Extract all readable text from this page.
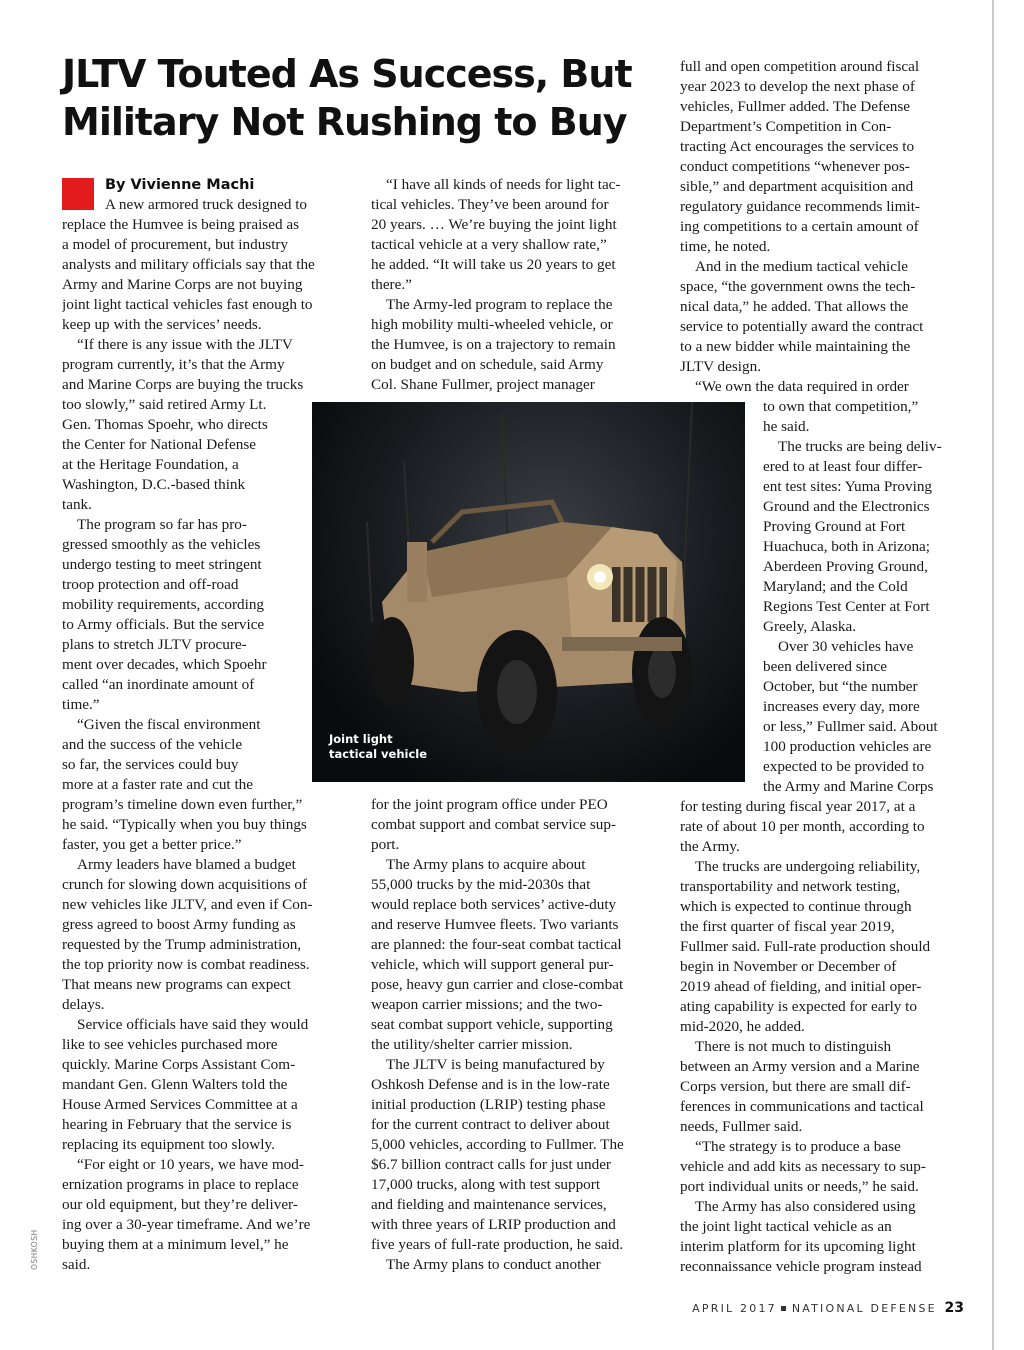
JLTV Touted As Success, But
Military Not Rushing to Buy
By Vivienne Machi
A new armored truck designed to
replace the Humvee is being praised as
a model of procurement, but industry
analysts and military officials say that the
Army and Marine Corps are not buying
joint light tactical vehicles fast enough to
keep up with the services’ needs.
“If there is any issue with the JLTV
program currently, it’s that the Army
and Marine Corps are buying the trucks
too slowly,” said retired Army Lt.
Gen. Thomas Spoehr, who directs
the Center for National Defense
at the Heritage Foundation, a
Washington, D.C.-based think
tank.
The program so far has pro-
gressed smoothly as the vehicles
undergo testing to meet stringent
troop protection and off-road
mobility requirements, according
to Army officials. But the service
plans to stretch JLTV procure-
ment over decades, which Spoehr
called “an inordinate amount of
time.”
“Given the fiscal environment
and the success of the vehicle
so far, the services could buy
more at a faster rate and cut the
program’s timeline down even further,”
he said. “Typically when you buy things
faster, you get a better price.”
Army leaders have blamed a budget
crunch for slowing down acquisitions of
new vehicles like JLTV, and even if Con-
gress agreed to boost Army funding as
requested by the Trump administration,
the top priority now is combat readiness.
That means new programs can expect
delays.
Service officials have said they would
like to see vehicles purchased more
quickly. Marine Corps Assistant Com-
mandant Gen. Glenn Walters told the
House Armed Services Committee at a
hearing in February that the service is
replacing its equipment too slowly.
“For eight or 10 years, we have mod-
ernization programs in place to replace
our old equipment, but they’re deliver-
ing over a 30-year timeframe. And we’re
buying them at a minimum level,” he
said.
“I have all kinds of needs for light tac-
tical vehicles. They’ve been around for
20 years. … We’re buying the joint light
tactical vehicle at a very shallow rate,”
he added. “It will take us 20 years to get
there.”
The Army-led program to replace the
high mobility multi-wheeled vehicle, or
the Humvee, is on a trajectory to remain
on budget and on schedule, said Army
Col. Shane Fullmer, project manager
for the joint program office under PEO
combat support and combat service sup-
port.
The Army plans to acquire about
55,000 trucks by the mid-2030s that
would replace both services’ active-duty
and reserve Humvee fleets. Two variants
are planned: the four-seat combat tactical
vehicle, which will support general pur-
pose, heavy gun carrier and close-combat
weapon carrier missions; and the two-
seat combat support vehicle, supporting
the utility/shelter carrier mission.
The JLTV is being manufactured by
Oshkosh Defense and is in the low-rate
initial production (LRIP) testing phase
for the current contract to deliver about
5,000 vehicles, according to Fullmer. The
$6.7 billion contract calls for just under
17,000 trucks, along with test support
and fielding and maintenance services,
with three years of LRIP production and
five years of full-rate production, he said.
The Army plans to conduct another
full and open competition around fiscal
year 2023 to develop the next phase of
vehicles, Fullmer added. The Defense
Department’s Competition in Con-
tracting Act encourages the services to
conduct competitions “whenever pos-
sible,” and department acquisition and
regulatory guidance recommends limit-
ing competitions to a certain amount of
time, he noted.
And in the medium tactical vehicle
space, “the government owns the tech-
nical data,” he added. That allows the
service to potentially award the contract
to a new bidder while maintaining the
JLTV design.
“We own the data required in order
to own that competition,”
he said.
The trucks are being deliv-
ered to at least four differ-
ent test sites: Yuma Proving
Ground and the Electronics
Proving Ground at Fort
Huachuca, both in Arizona;
Aberdeen Proving Ground,
Maryland; and the Cold
Regions Test Center at Fort
Greely, Alaska.
Over 30 vehicles have
been delivered since
October, but “the number
increases every day, more
or less,” Fullmer said. About
100 production vehicles are
expected to be provided to
the Army and Marine Corps
for testing during fiscal year 2017, at a
rate of about 10 per month, according to
the Army.
The trucks are undergoing reliability,
transportability and network testing,
which is expected to continue through
the first quarter of fiscal year 2019,
Fullmer said. Full-rate production should
begin in November or December of
2019 ahead of fielding, and initial oper-
ating capability is expected for early to
mid-2020, he added.
There is not much to distinguish
between an Army version and a Marine
Corps version, but there are small dif-
ferences in communications and tactical
needs, Fullmer said.
“The strategy is to produce a base
vehicle and add kits as necessary to sup-
port individual units or needs,” he said.
The Army has also considered using
the joint light tactical vehicle as an
interim platform for its upcoming light
reconnaissance vehicle program instead
Joint light
tactical vehicle
OSHKOSH
APRIL 2017 NATIONAL DEFENSE 23
